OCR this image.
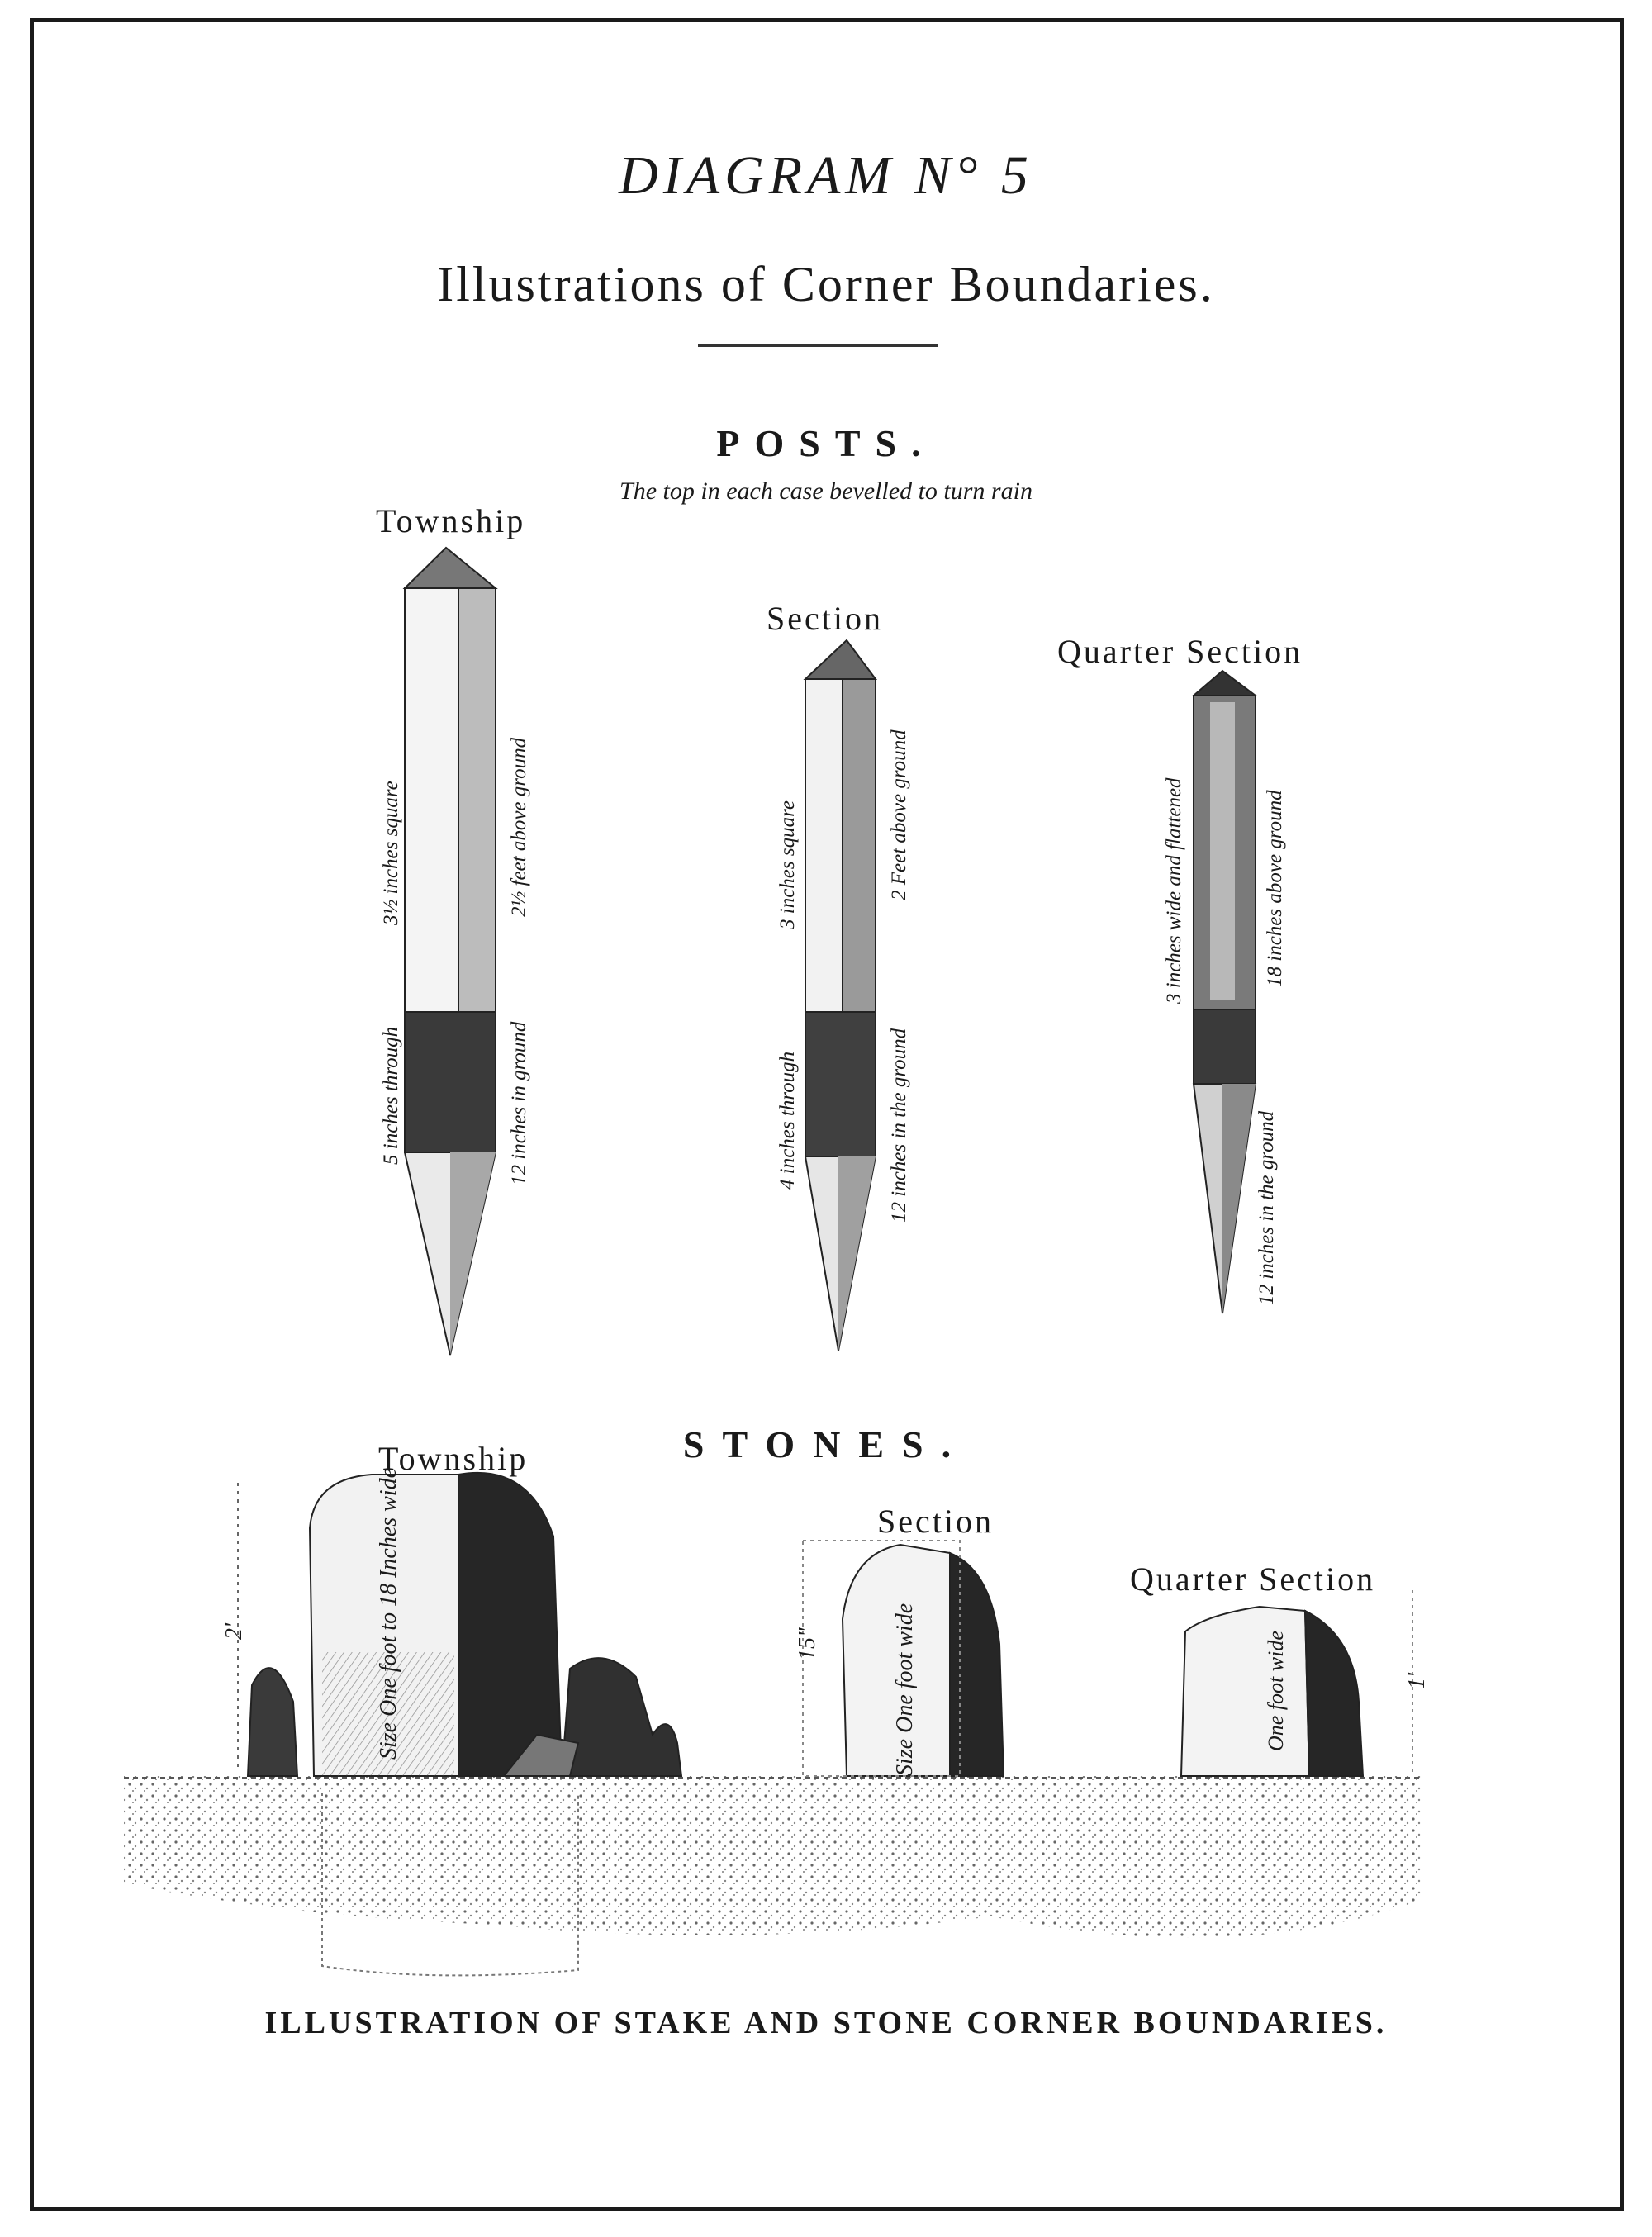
DIAGRAM N° 5
Illustrations of Corner Boundaries.
POSTS.
The top in each case bevelled to turn rain
Township
Section
Quarter Section
3½ inches square	2½ feet above ground
5 inches through	12 inches in ground
3 inches square	2 Feet above ground
4 inches through	12 inches in the ground
3 inches wide and flattened	18 inches above ground
12 inches in the ground
STONES.
Township
Section
Quarter Section
2'	Size One foot to 18 Inches wide	15"	Size One foot wide	1'
One foot wide
ILLUSTRATION OF STAKE AND STONE CORNER BOUNDARIES.
